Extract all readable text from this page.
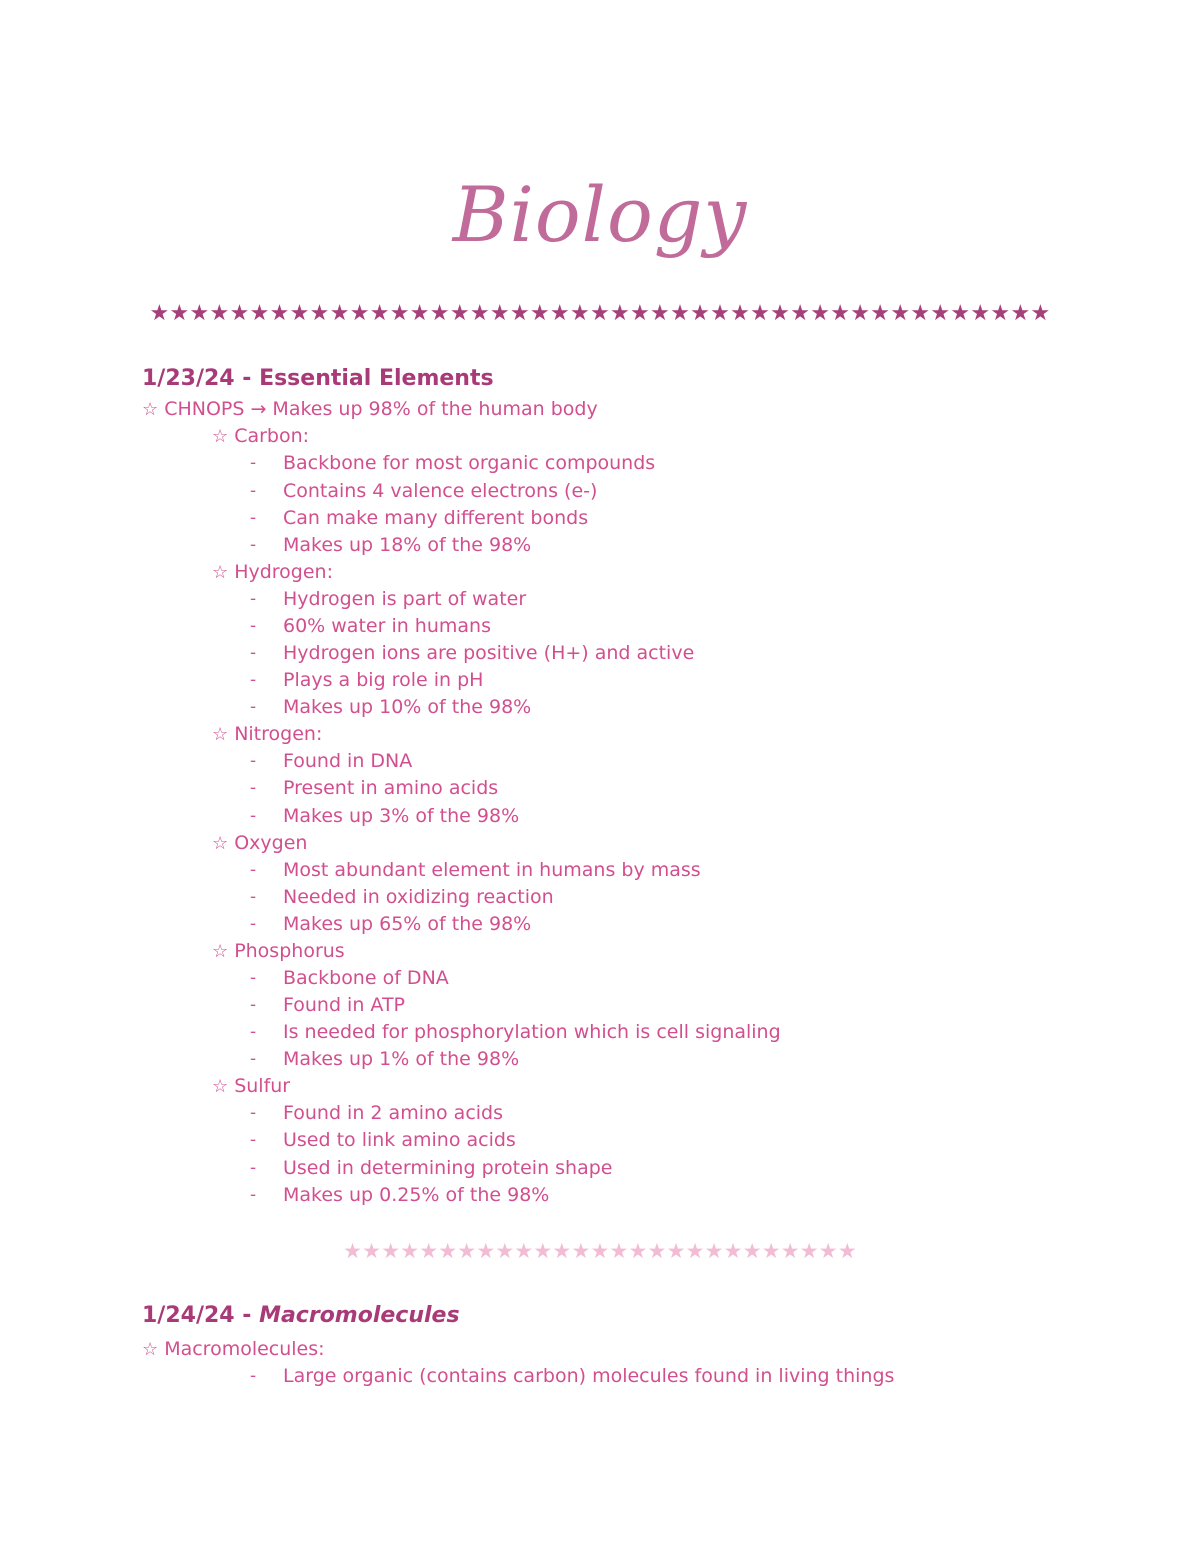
Biology
★★★★★★★★★★★★★★★★★★★★★★★★★★★★★★★★★★★★★★★★★★★★★
1/23/24 - Essential Elements
☆ CHNOPS → Makes up 98% of the human body
☆ Carbon:
- Backbone for most organic compounds
- Contains 4 valence electrons (e-)
- Can make many different bonds
- Makes up 18% of the 98%
☆ Hydrogen:
- Hydrogen is part of water
- 60% water in humans
- Hydrogen ions are positive (H+) and active
- Plays a big role in pH
- Makes up 10% of the 98%
☆ Nitrogen:
- Found in DNA
- Present in amino acids
- Makes up 3% of the 98%
☆ Oxygen
- Most abundant element in humans by mass
- Needed in oxidizing reaction
- Makes up 65% of the 98%
☆ Phosphorus
- Backbone of DNA
- Found in ATP
- Is needed for phosphorylation which is cell signaling
- Makes up 1% of the 98%
☆ Sulfur
- Found in 2 amino acids
- Used to link amino acids
- Used in determining protein shape
- Makes up 0.25% of the 98%
★★★★★★★★★★★★★★★★★★★★★★★★★★★
1/24/24 - Macromolecules
☆ Macromolecules:
- Large organic (contains carbon) molecules found in living things
